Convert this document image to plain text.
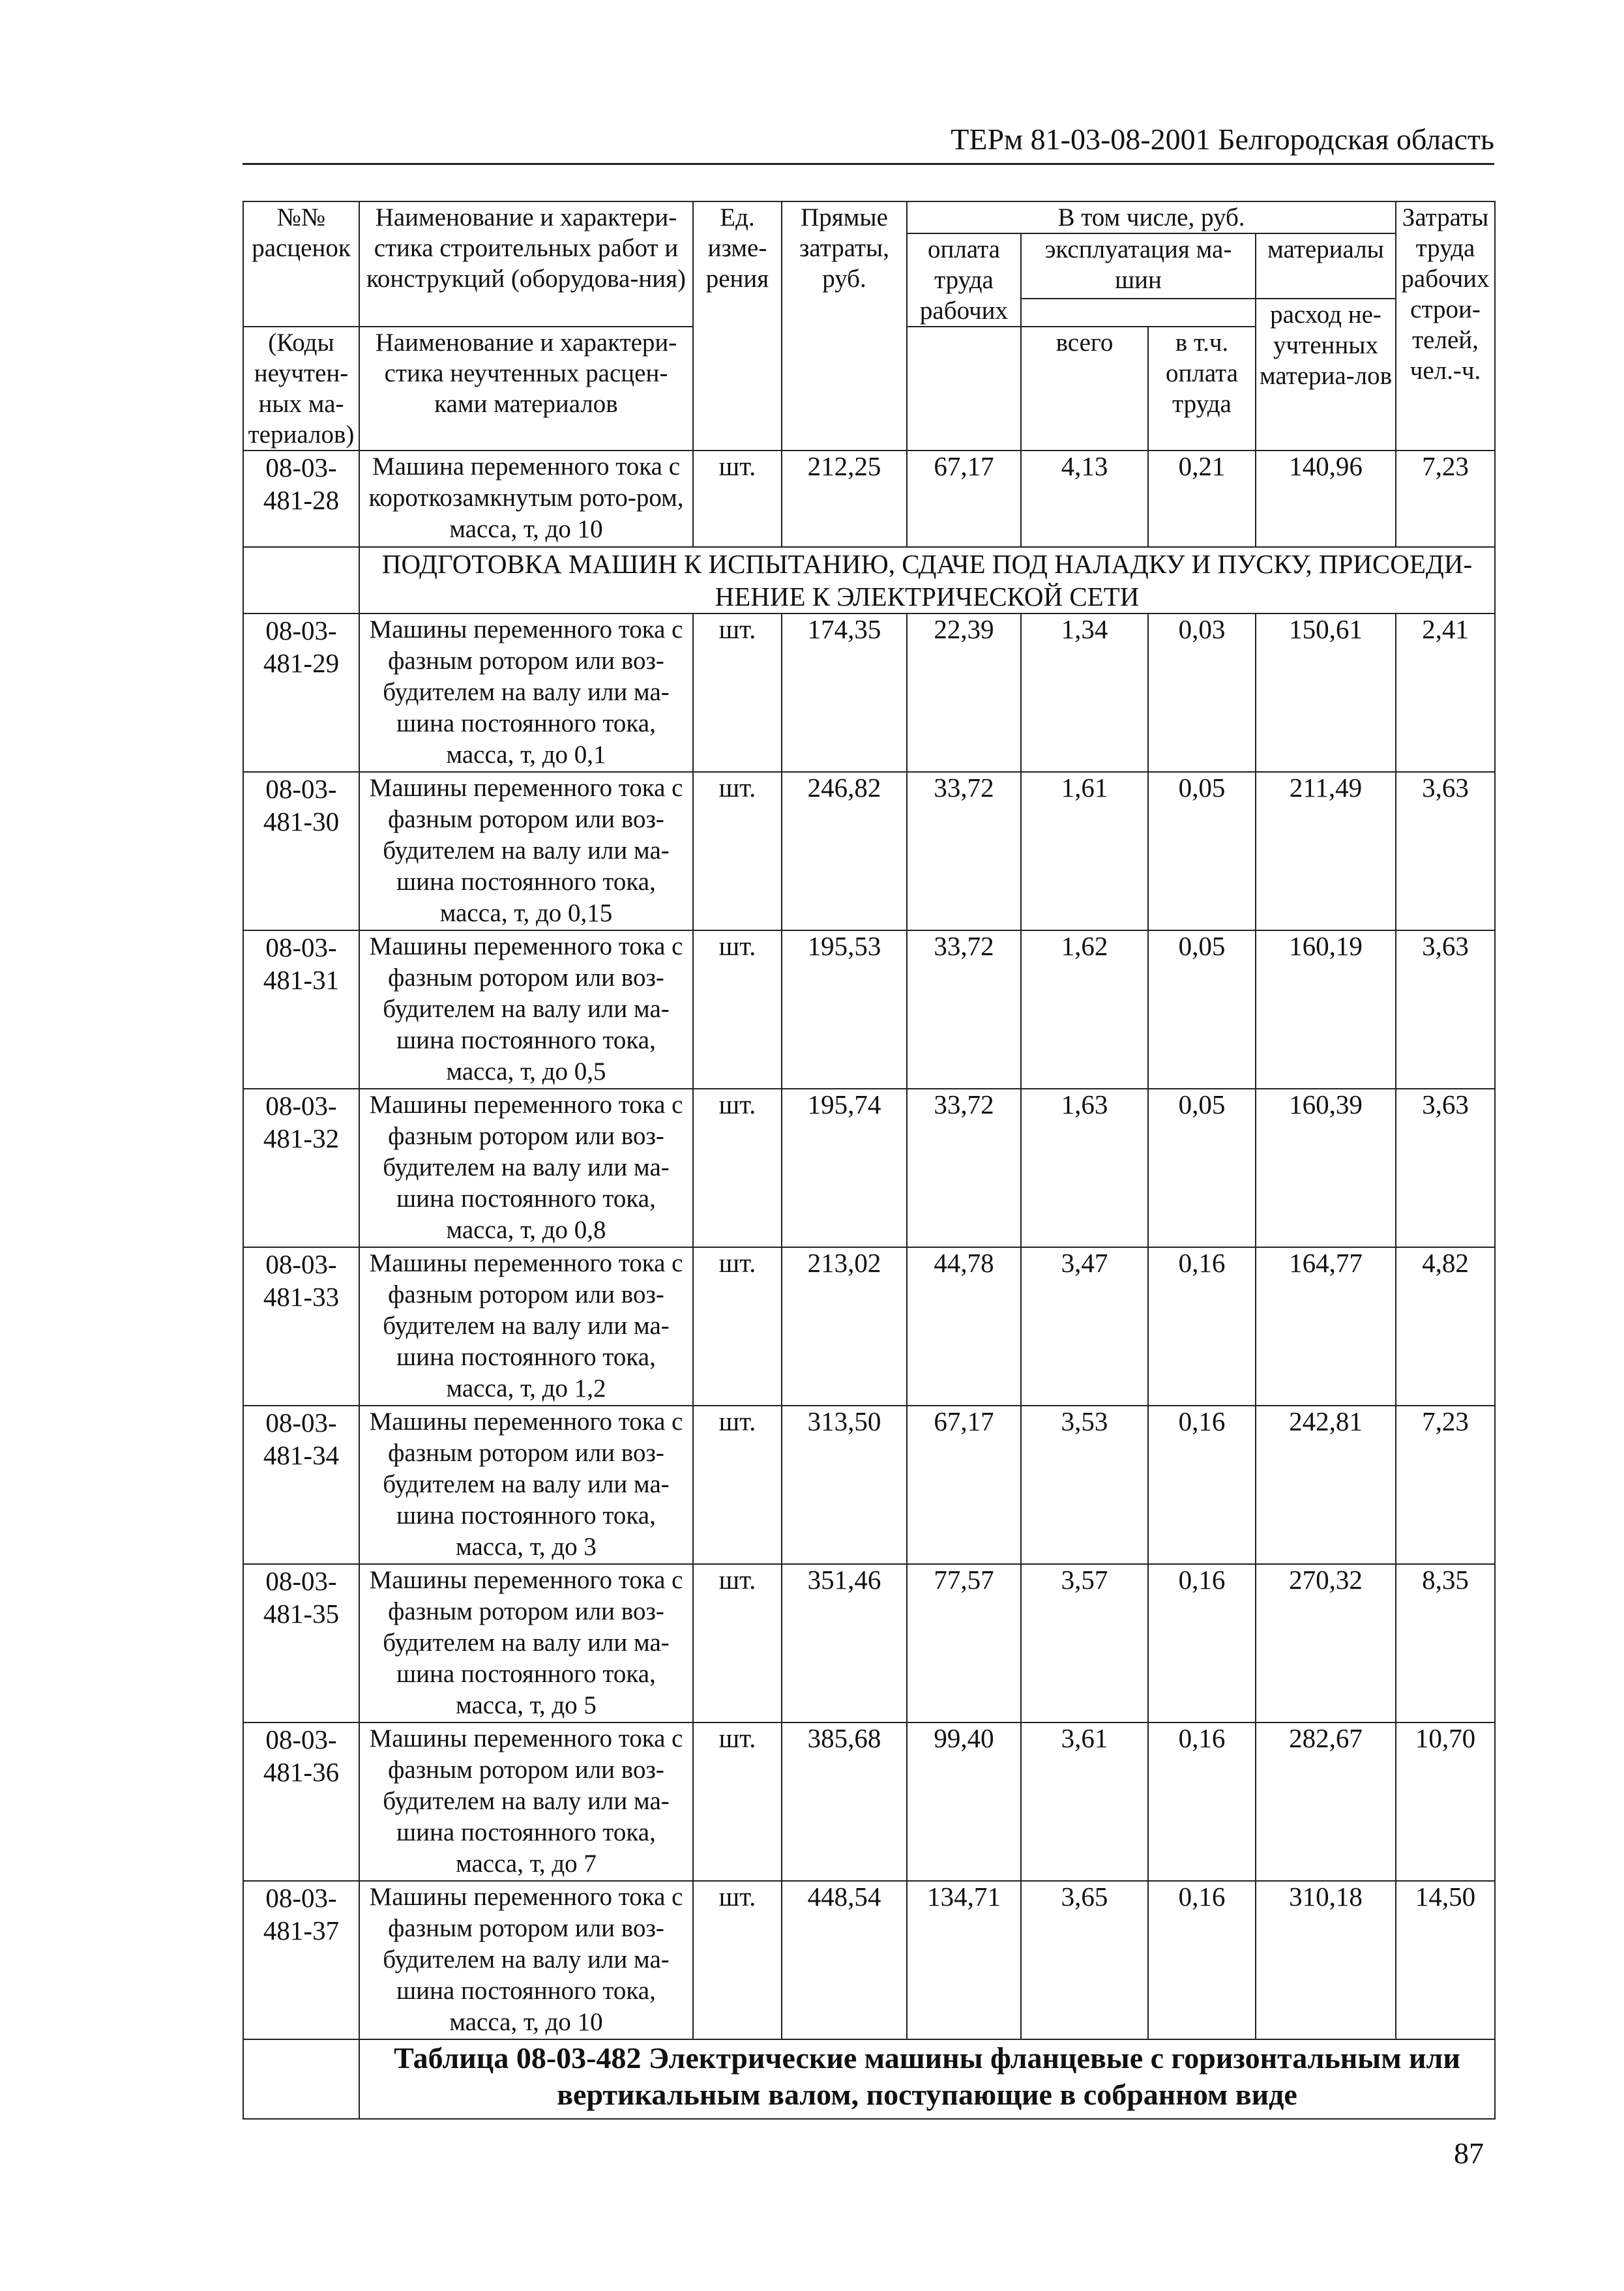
ТЕРм 81-03-08-2001 Белгородская область
№№ расценок	Наименование и характери-стика строительных работ и конструкций (оборудова-ния)	Ед. изме-рения	Прямые затраты, руб.	В том числе, руб.				Затраты труда рабочих строи-телей, чел.-ч.
				оплата труда рабочих	эксплуатация ма-шин		материалы	
							расход не-учтенных материа-лов	
(Коды неучтен-ных ма-териалов)	Наименование и характери-стика неучтенных расцен-ками материалов				всего	в т.ч. оплата труда		

08-03-481-28	Машина переменного тока с короткозамкнутым рото-ром, масса, т, до 10	шт.	212,25	67,17	4,13	0,21	140,96	7,23
	ПОДГОТОВКА МАШИН К ИСПЫТАНИЮ, СДАЧЕ ПОД НАЛАДКУ И ПУСКУ, ПРИСОЕДИ-НЕНИЕ К ЭЛЕКТРИЧЕСКОЙ СЕТИ							
08-03-481-29	Машины переменного тока с фазным ротором или воз-будителем на валу или ма-шина постоянного тока, масса, т, до 0,1	шт.	174,35	22,39	1,34	0,03	150,61	2,41
08-03-481-30	Машины переменного тока с фазным ротором или воз-будителем на валу или ма-шина постоянного тока, масса, т, до 0,15	шт.	246,82	33,72	1,61	0,05	211,49	3,63
08-03-481-31	Машины переменного тока с фазным ротором или воз-будителем на валу или ма-шина постоянного тока, масса, т, до 0,5	шт.	195,53	33,72	1,62	0,05	160,19	3,63
08-03-481-32	Машины переменного тока с фазным ротором или воз-будителем на валу или ма-шина постоянного тока, масса, т, до 0,8	шт.	195,74	33,72	1,63	0,05	160,39	3,63
08-03-481-33	Машины переменного тока с фазным ротором или воз-будителем на валу или ма-шина постоянного тока, масса, т, до 1,2	шт.	213,02	44,78	3,47	0,16	164,77	4,82
08-03-481-34	Машины переменного тока с фазным ротором или воз-будителем на валу или ма-шина постоянного тока, масса, т, до 3	шт.	313,50	67,17	3,53	0,16	242,81	7,23
08-03-481-35	Машины переменного тока с фазным ротором или воз-будителем на валу или ма-шина постоянного тока, масса, т, до 5	шт.	351,46	77,57	3,57	0,16	270,32	8,35
08-03-481-36	Машины переменного тока с фазным ротором или воз-будителем на валу или ма-шина постоянного тока, масса, т, до 7	шт.	385,68	99,40	3,61	0,16	282,67	10,70
08-03-481-37	Машины переменного тока с фазным ротором или воз-будителем на валу или ма-шина постоянного тока, масса, т, до 10	шт.	448,54	134,71	3,65	0,16	310,18	14,50
	Таблица 08-03-482 Электрические машины фланцевые с горизонтальным или вертикальным валом, поступающие в собранном виде							
87
